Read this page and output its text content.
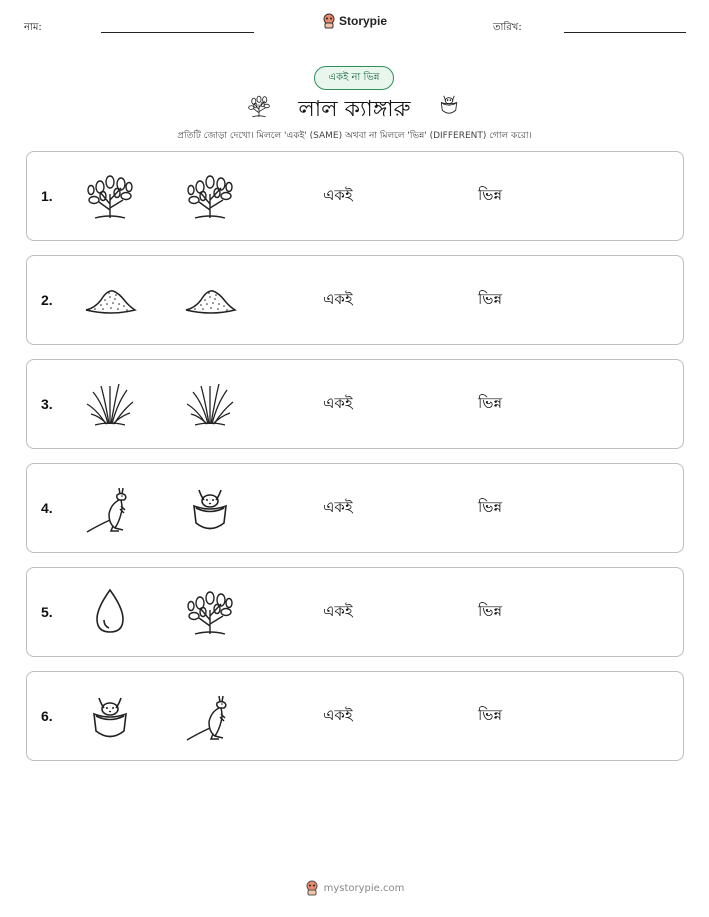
নাম:	Storypie	তারিখ:
একই না ভিন্ন
লাল ক্যাঙ্গারু
প্রতিটি জোড়া দেখো। মিললে 'একই' (SAME) অথবা না মিললে 'ভিন্ন' (DIFFERENT) গোল করো।
1.	একই	ভিন্ন
2.	একই	ভিন্ন
3.	একই	ভিন্ন
4.	একই	ভিন্ন
5.	একই	ভিন্ন
6.	একই	ভিন্ন
mystorypie.com
